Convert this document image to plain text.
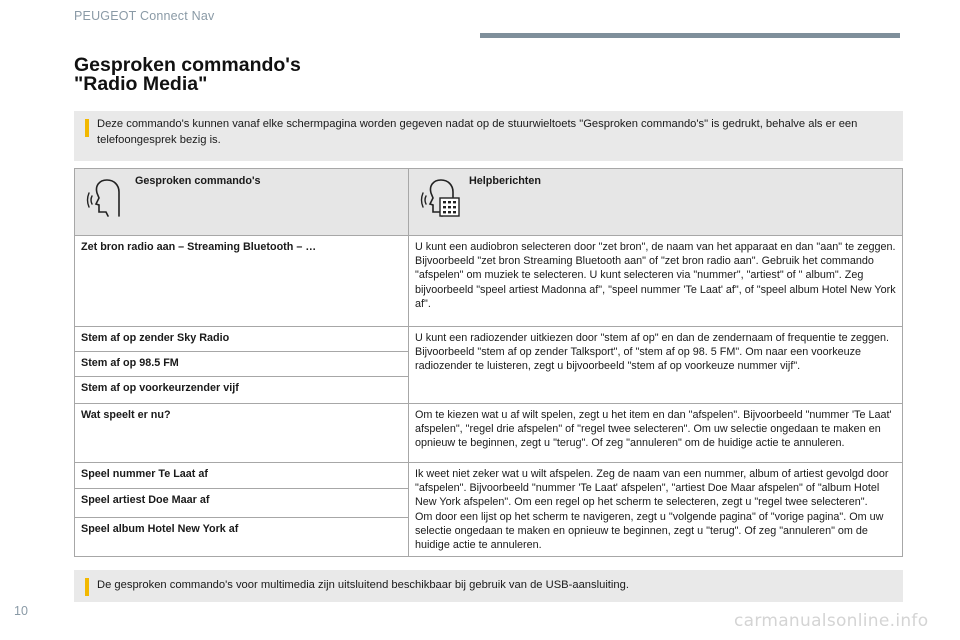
PEUGEOT Connect Nav
Gesproken commando's
"Radio Media"
Deze commando's kunnen vanaf elke schermpagina worden gegeven nadat op de stuurwieltoets "Gesproken commando's" is gedrukt, behalve als er een telefoongesprek bezig is.
Gesproken commando's	Helpberichten

Zet bron radio aan – Streaming Bluetooth – …	U kunt een audiobron selecteren door "zet bron", de naam van het apparaat en dan "aan" te zeggen. Bijvoorbeeld "zet bron Streaming Bluetooth aan" of "zet bron radio aan". Gebruik het commando "afspelen" om muziek te selecteren. U kunt selecteren via "nummer", "artiest" of " album". Zeg bijvoorbeeld "speel artiest Madonna af", "speel nummer 'Te Laat' af", of "speel album Hotel New York af".
Stem af op zender Sky Radio	U kunt een radiozender uitkiezen door "stem af op" en dan de zendernaam of frequentie te zeggen. Bijvoorbeeld "stem af op zender Talksport", of "stem af op 98. 5 FM". Om naar een voorkeuze radiozender te luisteren, zegt u bijvoorbeeld "stem af op voorkeuze nummer vijf".
Stem af op 98.5 FM	
Stem af op voorkeurzender vijf	
Wat speelt er nu?	Om te kiezen wat u af wilt spelen, zegt u het item en dan "afspelen". Bijvoorbeeld "nummer 'Te Laat' afspelen", "regel drie afspelen" of "regel twee selecteren". Om uw selectie ongedaan te maken en opnieuw te beginnen, zegt u "terug". Of zeg "annuleren" om de huidige actie te annuleren.
Speel nummer Te Laat af	Ik weet niet zeker wat u wilt afspelen. Zeg de naam van een nummer, album of artiest gevolgd door "afspelen". Bijvoorbeeld "nummer 'Te Laat' afspelen", "artiest Doe Maar afspelen" of "album Hotel New York afspelen". Om een regel op het scherm te selecteren, zegt u "regel twee selecteren".
Om door een lijst op het scherm te navigeren, zegt u "volgende pagina" of "vorige pagina". Om uw selectie ongedaan te maken en opnieuw te beginnen, zegt u "terug". Of zeg "annuleren" om de huidige actie te annuleren.
Speel artiest Doe Maar af	
Speel album Hotel New York af	
De gesproken commando's voor multimedia zijn uitsluitend beschikbaar bij gebruik van de USB-aansluiting.
10	carmanualsonline.info
